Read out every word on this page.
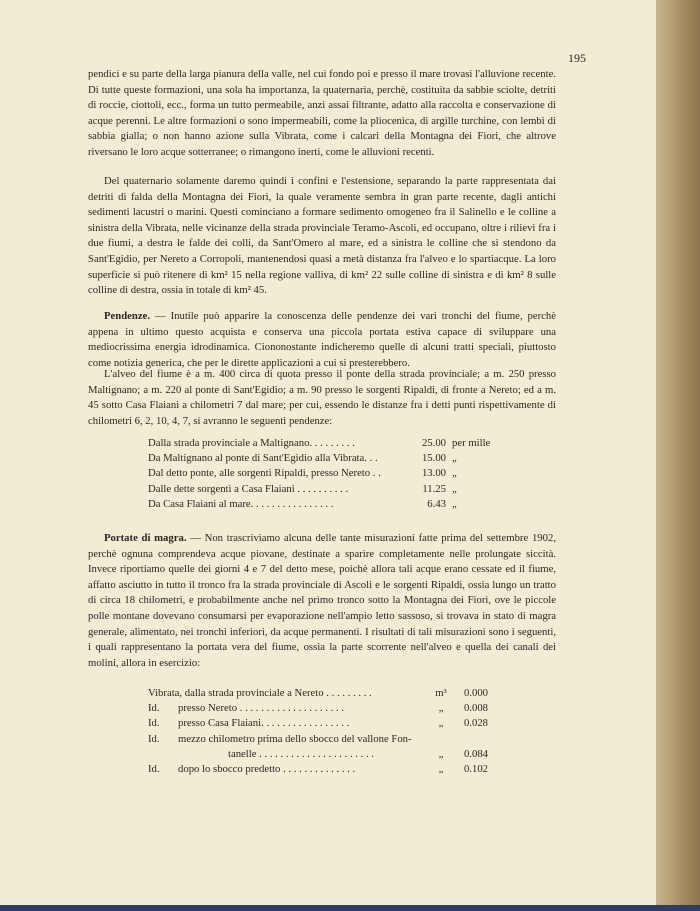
195
pendici e su parte della larga pianura della valle, nel cui fondo poi e presso il mare trovasi l'alluvione recente. Di tutte queste formazioni, una sola ha importanza, la quaternaria, perchè, costituita da sabbie sciolte, detriti di roccie, ciottoli, ecc., forma un tutto permeabile, anzi assai filtrante, adatto alla raccolta e conservazione di acque perenni. Le altre formazioni o sono impermeabili, come la pliocenica, di argille turchine, con lembi di sabbia gialla; o non hanno azione sulla Vibrata, come i calcari della Montagna dei Fiori, che altrove riversano le loro acque sotterranee; o rimangono inerti, come le alluvioni recenti.
Del quaternario solamente daremo quindi i confini e l'estensione, separando la parte rappresentata dai detriti di falda della Montagna dei Fiori, la quale veramente sembra in gran parte recente, dagli antichi sedimenti lacustri o marini. Questi cominciano a formare sedimento omogeneo fra il Salinello e le colline a sinistra della Vibrata, nelle vicinanze della strada provinciale Teramo-Ascoli, ed occupano, oltre i rilievi fra i due fiumi, a destra le falde dei colli, da Sant'Omero al mare, ed a sinistra le colline che si stendono da Sant'Egidio, per Nereto a Corropoli, mantenendosi quasi a metà distanza fra l'alveo e lo spartiacque. La loro superficie si può ritenere di km² 15 nella regione valliva, di km² 22 sulle colline di sinistra e di km² 8 sulle colline di destra, ossia in totale di km² 45.
Pendenze. — Inutile può apparire la conoscenza delle pendenze dei vari tronchi del fiume, perchè appena in ultimo questo acquista e conserva una piccola portata estiva capace di sviluppare una mediocrissima energia idrodinamica. Ciononostante indicheremo quelle di alcuni tratti speciali, piuttosto come notizia generica, che per le dirette applicazioni a cui si presterebbero.
L'alveo del fiume è a m. 400 circa di quota presso il ponte della strada provinciale; a m. 250 presso Maltignano; a m. 220 al ponte di Sant'Egidio; a m. 90 presso le sorgenti Ripaldi, di fronte a Nereto; ed a m. 45 sotto Casa Flaiani a chilometri 7 dal mare; per cui, essendo le distanze fra i detti punti rispettivamente di chilometri 6, 2, 10, 4, 7, si avranno le seguenti pendenze:
Dalla strada provinciale a Maltignano. . . . . . . . .	25.00 per mille
Da Maltignano al ponte di Sant'Egidio alla Vibrata. . .	15.00 „
Dal detto ponte, alle sorgenti Ripaldi, presso Nereto . .	13.00 „
Dalle dette sorgenti a Casa Flaiani . . . . . . . . . .	11.25 „
Da Casa Flaiani al mare. . . . . . . . . . . . . . . .	6.43 „
Portate di magra. — Non trascriviamo alcuna delle tante misurazioni fatte prima del settembre 1902, perchè ognuna comprendeva acque piovane, destinate a sparire completamente nelle prolungate siccità. Invece riportiamo quelle dei giorni 4 e 7 del detto mese, poichè allora tali acque erano cessate ed il fiume, affatto asciutto in tutto il tronco fra la strada provinciale di Ascoli e le sorgenti Ripaldi, ossia lungo un tratto di circa 18 chilometri, e probabilmente anche nel primo tronco sotto la Montagna dei Fiori, ove le piccole polle montane dovevano consumarsi per evaporazione nell'ampio letto sassoso, si trovava in stato di magra generale, alimentato, nei tronchi inferiori, da acque permanenti. I risultati di tali misurazioni sono i seguenti, i quali rappresentano la portata vera del fiume, ossia la parte scorrente nell'alveo e quella dei canali dei molini, allora in esercizio:
Vibrata, dalla strada provinciale a Nereto . . . . . . . . .	m³	0.000
Id.	presso Nereto . . . . . . . . . . . . . . . . . . . .	„	0.008
Id.	presso Casa Flaiani. . . . . . . . . . . . . . . . .	„	0.028
Id.	mezzo chilometro prima dello sbocco del vallone Fon-
tanelle . . . . . . . . . . . . . . . . . . . . . .	„	0.084
Id.	dopo lo sbocco predetto . . . . . . . . . . . . . .	„	0.102
